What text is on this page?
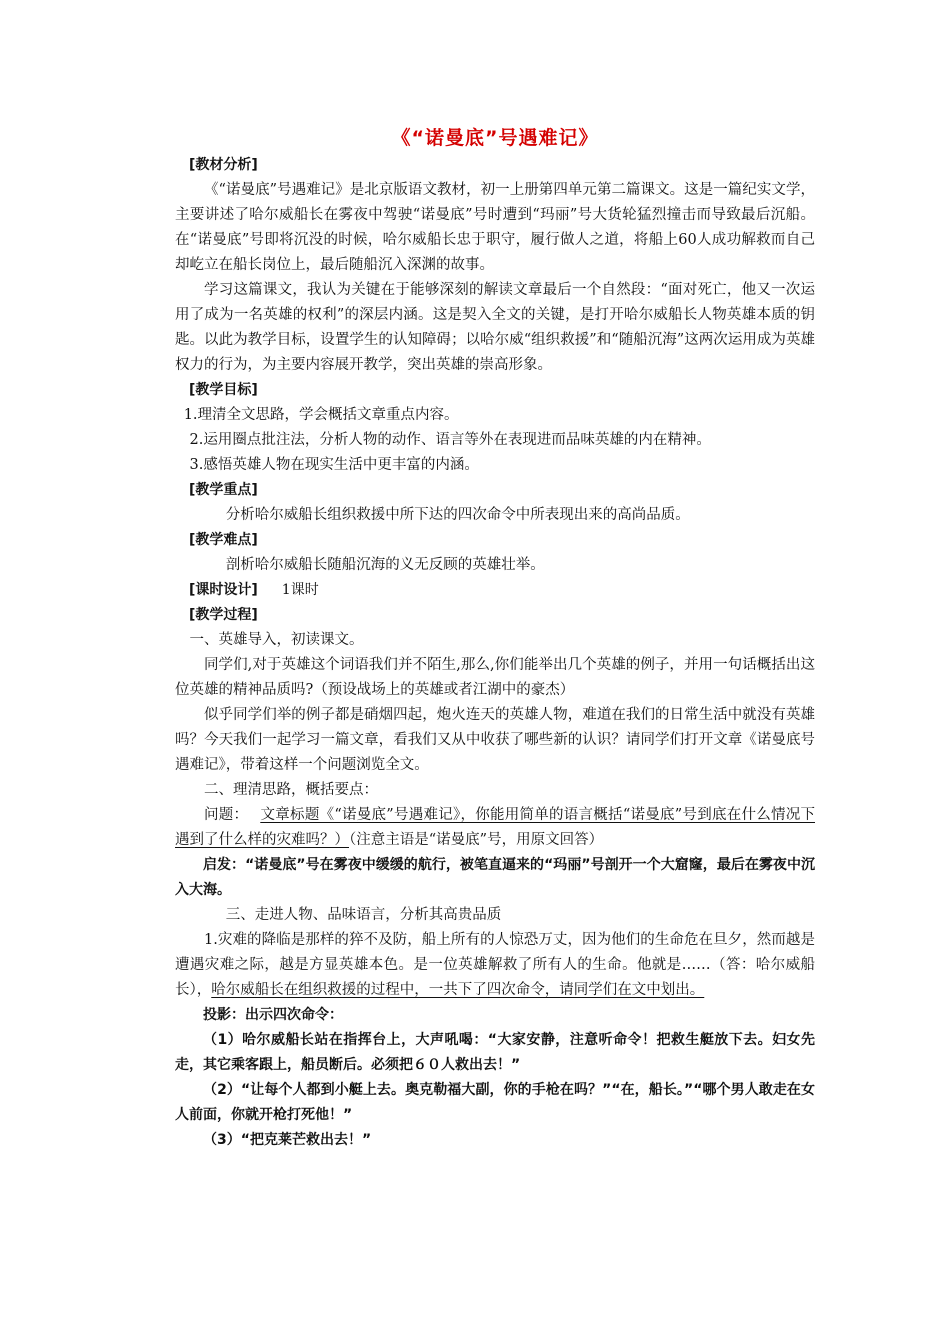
《“诺曼底”号遇难记》

[教材分析]

《“诺曼底”号遇难记》是北京版语文教材，初一上册第四单元第二篇课文。这是一篇纪实文学，主要讲述了哈尔威船长在雾夜中驾驶“诺曼底”号时遭到“玛丽”号大货轮猛烈撞击而导致最后沉船。在“诺曼底”号即将沉没的时候，哈尔威船长忠于职守，履行做人之道，将船上60人成功解救而自己却屹立在船长岗位上，最后随船沉入深渊的故事。

学习这篇课文，我认为关键在于能够深刻的解读文章最后一个自然段：“面对死亡，他又一次运用了成为一名英雄的权利”的深层内涵。这是契入全文的关键，是打开哈尔威船长人物英雄本质的钥匙。以此为教学目标，设置学生的认知障碍；以哈尔威“组织救援”和“随船沉海”这两次运用成为英雄权力的行为，为主要内容展开教学，突出英雄的崇高形象。

[教学目标]

1.理清全文思路，学会概括文章重点内容。

2.运用圈点批注法，分析人物的动作、语言等外在表现进而品味英雄的内在精神。

3.感悟英雄人物在现实生活中更丰富的内涵。

[教学重点]

分析哈尔威船长组织救援中所下达的四次命令中所表现出来的高尚品质。

[教学难点]

剖析哈尔威船长随船沉海的义无反顾的英雄壮举。

[课时设计] 1课时

[教学过程]

一、英雄导入，初读课文。

同学们,对于英雄这个词语我们并不陌生,那么,你们能举出几个英雄的例子，并用一句话概括出这位英雄的精神品质吗?（预设战场上的英雄或者江湖中的豪杰）

似乎同学们举的例子都是硝烟四起，炮火连天的英雄人物，难道在我们的日常生活中就没有英雄吗？今天我们一起学习一篇文章，看我们又从中收获了哪些新的认识？请同学们打开文章《诺曼底号遇难记》，带着这样一个问题浏览全文。

二、理清思路，概括要点：

问题： 文章标题《“诺曼底”号遇难记》，你能用简单的语言概括“诺曼底”号到底在什么情况下遇到了什么样的灾难吗？）（注意主语是“诺曼底”号，用原文回答）

启发：“诺曼底”号在雾夜中缓缓的航行，被笔直逼来的“玛丽”号剖开一个大窟窿，最后在雾夜中沉入大海。

三、走进人物、品味语言，分析其高贵品质

1.灾难的降临是那样的猝不及防，船上所有的人惊恐万丈，因为他们的生命危在旦夕，然而越是遭遇灾难之际，越是方显英雄本色。是一位英雄解救了所有人的生命。他就是……（答：哈尔威船长），哈尔威船长在组织救援的过程中，一共下了四次命令，请同学们在文中划出。

投影：出示四次命令：

（1）哈尔威船长站在指挥台上，大声吼喝：“大家安静，注意听命令！把救生艇放下去。妇女先走，其它乘客跟上，船员断后。必须把６０人救出去！”

（2）“让每个人都到小艇上去。奥克勒福大副，你的手枪在吗？”“在，船长。”“哪个男人敢走在女人前面，你就开枪打死他！”

（3）“把克莱芒救出去！”
